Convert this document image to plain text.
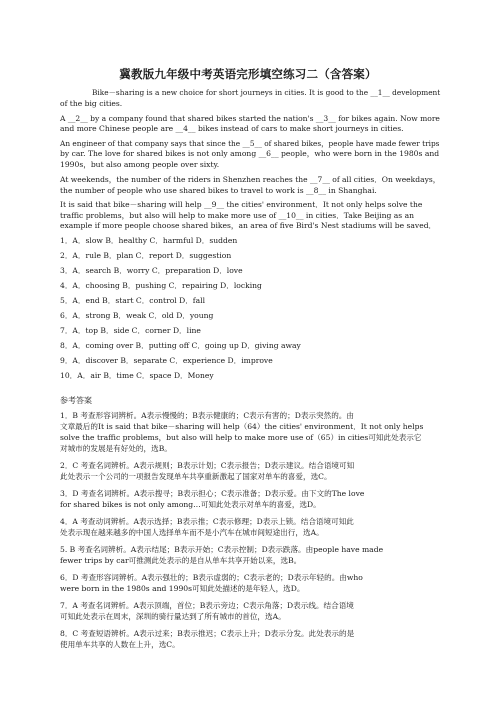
冀教版九年级中考英语完形填空练习二（含答案）
Bike－sharing is a new choice for short journeys in cities. It is good to the __1__ development
of the big cities.
A __2__ by a company found that shared bikes started the nation's __3__ for bikes again. Now more
and more Chinese people are __4__ bikes instead of cars to make short journeys in cities.
An engineer of that company says that since the __5__ of shared bikes，people have made fewer trips
by car. The love for shared bikes is not only among __6__ people，who were born in the 1980s and
1990s，but also among people over sixty.
At weekends，the number of the riders in Shenzhen reaches the __7__ of all cities．On weekdays，
the number of people who use shared bikes to travel to work is __8__ in Shanghai.
It is said that bike－sharing will help __9__ the cities' environment．It not only helps solve the
traffic problems，but also will help to make more use of __10__ in cities．Take Beijing as an
example if more people choose shared bikes，an area of five Bird's Nest stadiums will be saved．
1．A．slow B．healthy C．harmful D．sudden
2．A．rule B．plan C．report D．suggestion
3．A．search B．worry C．preparation D．love
4．A．choosing B．pushing C．repairing D．locking
5．A．end B．start C．control D．fall
6．A．strong B．weak C．old D．young
7．A．top B．side C．corner D．line
8．A．coming over B．putting off C．going up D．giving away
9．A．discover B．separate C．experience D．improve
10．A．air B．time C．space D．Money
参考答案
1．B 考查形容词辨析。A表示慢慢的；B表示健康的；C表示有害的；D表示突然的。由
文章最后的It is said that bike－sharing will help（64）the cities' environment．It not only helps
solve the traffic problems，but also will help to make more use of（65）in cities可知此处表示它
对城市的发展是有好处的，选B。
2．C 考查名词辨析。A表示规则；B表示计划；C表示报告；D表示建议。结合语境可知
此处表示一个公司的一项报告发现单车共享重新激起了国家对单车的喜爱，选C。
3．D 考查名词辨析。A表示搜寻；B表示担心；C表示准备；D表示爱。由下文的The love
for shared bikes is not only among…可知此处表示对单车的喜爱，选D。
4．A 考查动词辨析。A表示选择；B表示推；C表示修理；D表示上锁。结合语境可知此
处表示现在越来越多的中国人选择单车而不是小汽车在城市间短途出行，选A。
5. B 考查名词辨析。A表示结尾；B表示开始；C表示控制；D表示跌落。由people have made
fewer trips by car可推测此处表示的是自从单车共享开始以来，选B。
6．D 考查形容词辨析。A表示强壮的；B表示虚弱的；C表示老的；D表示年轻的。由who
were born in the 1980s and 1990s可知此处描述的是年轻人，选D。
7．A 考查名词辨析。A表示顶端，首位；B表示旁边；C表示角落；D表示线。结合语境
可知此处表示在周末，深圳的骑行量达到了所有城市的首位，选A。
8．C 考查短语辨析。A表示过来；B表示推迟；C表示上升；D表示分发。此处表示的是
使用单车共享的人数在上升，选C。
